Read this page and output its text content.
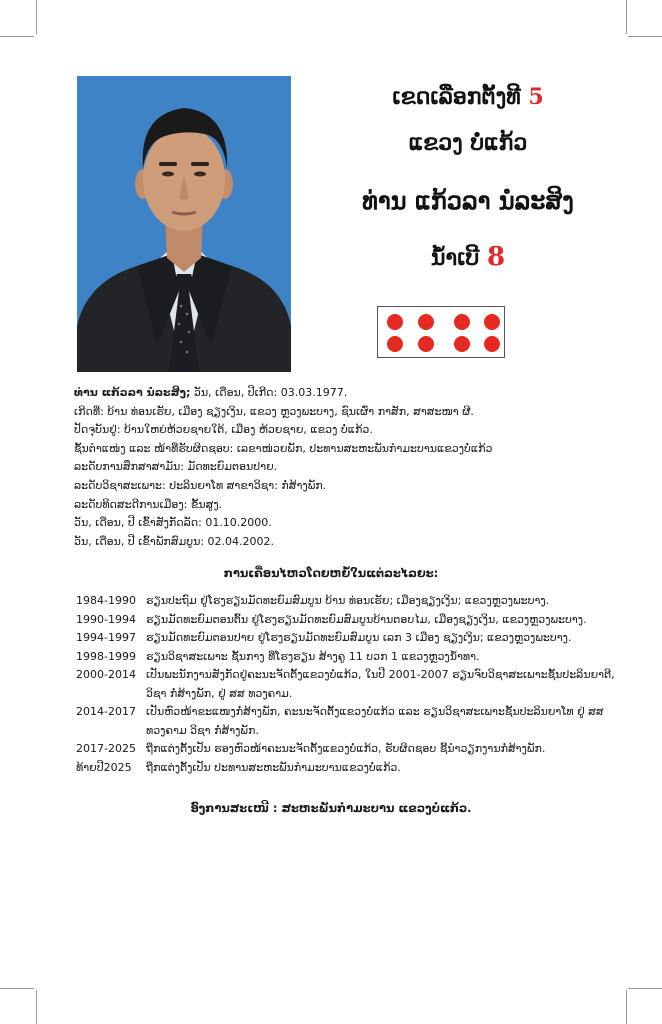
ເຂດເລືອກຕັ້ງທີ 5
ແຂວງ ບໍ່ແກ້ວ
ທ່ານ ແກ້ວລາ ນໍລະສິງ
ນໍ້າເບີ 8
ທ່ານ ແກ້ວລາ ນໍລະສິງ; ວັນ, ເດືອນ, ປີເກີດ: 03.03.1977.
ເກີດທີ່: ບ້ານ ທ່ອນເຮັຍ, ເມືອງ ຊຽງເງິນ, ແຂວງ ຫຼວງພະບາງ, ຊົນເຜົ່າ ກາສັກ, ສາສະໜາ ຜີ.
ປັດຈຸບັນຢູ່: ບ້ານໃຫຍ່ຫ້ວຍຊາຍໃຕ້, ເມືອງ ຫ້ວຍຊາຍ, ແຂວງ ບໍ່ແກ້ວ.
ຊັ້ນຕໍາແໜ່ງ ແລະ ໜ້າທີ່ຮັບຜິດຊອບ: ເລຂາໜ່ວຍພັກ, ປະທານສະຫະພັນກໍາມະບານແຂວງບໍ່ແກ້ວ
ລະດັບການສຶກສາສາມັນ: ມັດທະຍົມຕອນປາຍ.
ລະດັບວິຊາສະເພາະ: ປະລິນຍາໂທ ສາຂາວິຊາ: ກໍ່ສ້າງພັກ.
ລະດັບທິດສະດີການເມືອງ: ຂັ້ນສູງ.
ວັນ, ເດືອນ, ປີ ເຂົ້າສັງກັດລັດ: 01.10.2000.
ວັນ, ເດືອນ, ປີ ເຂົ້າພັກສົມບູນ: 02.04.2002.
ການເຄື່ອນໄຫວໂດຍຫຍໍ້ໃນແຕ່ລະໄລຍະ:
1984-1990 ຮຽນປະຖົມ ຢູ່ໂຮງຮຽນມັດທະຍົມສົມບູນ ບ້ານ ທ່ອນເຮັຍ; ເມືອງຊຽງເງິນ; ແຂວງຫຼວງພະບາງ.
1990-1994 ຮຽນມັດທະຍົມຕອນຕົ້ນ ຢູ່ໂຮງຮຽນມັດທະຍົມສົມບູນບ້ານຕອບໄມ, ເມືອງຊຽງເງິນ, ແຂວງຫຼວງພະບາງ.
1994-1997 ຮຽນມັດທະຍົມຕອນປາຍ ຢູ່ໂຮງຮຽນມັດທະຍົມສົມບູນ ເລກ 3 ເມືອງ ຊຽງເງິນ; ແຂວງຫຼວງພະບາງ.
1998-1999 ຮຽນວິຊາສະເພາະ ຊັ້ນກາງ ທີ່ໂຮງຮຽນ ສ້າງຄູ 11 ບວກ 1 ແຂວງຫຼວງນໍ້າທາ.
2000-2014 ເປັນພະນັກງານສັງກັດຢູ່ຄະນະຈັດຕັ້ງແຂວງບໍ່ແກ້ວ, ໃນປີ 2001-2007 ຮຽນຈົບວິຊາສະເພາະຊັ້ນປະລິນຍາຕີ,
ວິຊາ ກໍ່ສ້າງພັກ, ຢູ່ ສສ ທວງຄາມ.
2014-2017 ເປັນຫົວໜ້າຂະແໜງກໍ່ສ້າງພັກ, ຄະນະຈັດຕັ້ງແຂວງບໍ່ແກ້ວ ແລະ ຮຽນວິຊາສະເພາະຊັ້ນປະລິນຍາໂທ ຢູ່ ສສ
ທວງຄາມ ວິຊາ ກໍ່ສ້າງພັກ.
2017-2025 ຖືກແຕ່ງຕັ້ງເປັນ ຮອງຫົວໜ້າຄະນະຈັດຕັ້ງແຂວງບໍ່ແກ້ວ, ຮັບຜິດຊອບ ຊີ້ນໍາວຽກງານກໍ່ສ້າງພັກ.
ທ້າຍປີ2025	ຖືກແຕ່ງຕັ້ງເປັນ ປະທານສະຫະພັນກໍາມະບານແຂວງບໍ່ແກ້ວ.
ອົງການສະເໜີ : ສະຫະພັນກໍາມະບານ ແຂວງບໍ່ແກ້ວ.
